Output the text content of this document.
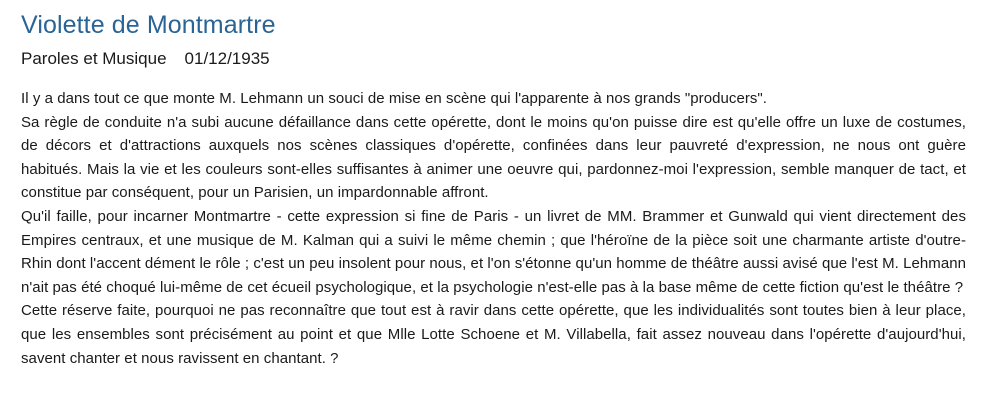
Violette de Montmartre
Paroles et Musique 01/12/1935

Il y a dans tout ce que monte M. Lehmann un souci de mise en scène qui l'apparente à nos grands "producers".

Sa règle de conduite n'a subi aucune défaillance dans cette opérette, dont le moins qu'on puisse dire est qu'elle offre un luxe de costumes, de décors et d'attractions auxquels nos scènes classiques d'opérette, confinées dans leur pauvreté d'expression, ne nous ont guère habitués. Mais la vie et les couleurs sont-elles suffisantes à animer une oeuvre qui, pardonnez-moi l'expression, semble manquer de tact, et constitue par conséquent, pour un Parisien, un impardonnable affront.

Qu'il faille, pour incarner Montmartre - cette expression si fine de Paris - un livret de MM. Brammer et Gunwald qui vient directement des Empires centraux, et une musique de M. Kalman qui a suivi le même chemin ; que l'héroïne de la pièce soit une charmante artiste d'outre-Rhin dont l'accent dément le rôle ; c'est un peu insolent pour nous, et l'on s'étonne qu'un homme de théâtre aussi avisé que l'est M. Lehmann n'ait pas été choqué lui-même de cet écueil psychologique, et la psychologie n'est-elle pas à la base même de cette fiction qu'est le théâtre ?

Cette réserve faite, pourquoi ne pas reconnaître que tout est à ravir dans cette opérette, que les individualités sont toutes bien à leur place, que les ensembles sont précisément au point et que Mlle Lotte Schoene et M. Villabella, fait assez nouveau dans l'opérette d'aujourd'hui, savent chanter et nous ravissent en chantant. ?
